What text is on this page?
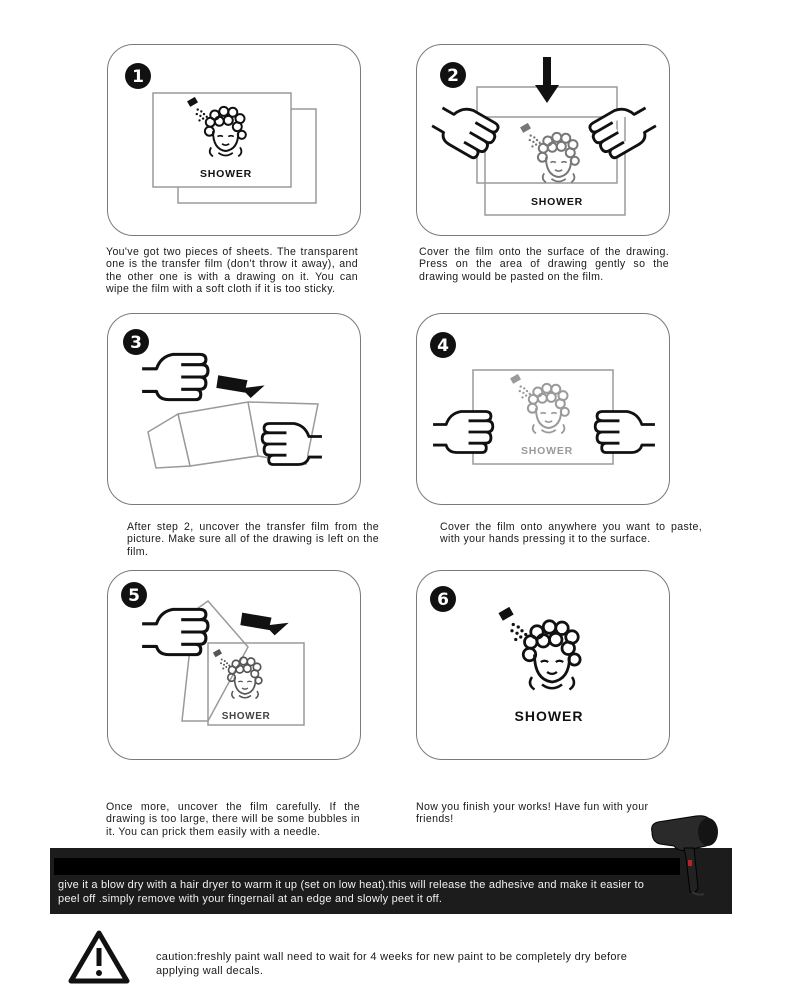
1
SHOWER
You've got two pieces of sheets. The transparent one is the transfer film (don't throw it away), and the other one is with a drawing on it. You can wipe the film with a soft cloth if it is too sticky.
2
SHOWER
Cover the film onto the surface of the drawing. Press on the area of drawing gently so the drawing would be pasted on the film.
3
After step 2, uncover the transfer film from the picture. Make sure all of the drawing is left on the film.
4
SHOWER
Cover the film onto anywhere you want to paste, with your hands pressing it to the surface.
5
SHOWER
Once more, uncover the film carefully. If the drawing is too large, there will be some bubbles in it. You can prick them easily with a needle.
6
SHOWER
Now you finish your works! Have fun with your friends!
give it a blow dry with a hair dryer to warm it up (set on low heat).this will release the adhesive and make it easier to peel off .simply remove with your fingernail at an edge and slowly peet it off.
caution:freshly paint wall need to wait for 4 weeks for new paint to be completely dry before applying wall decals.
